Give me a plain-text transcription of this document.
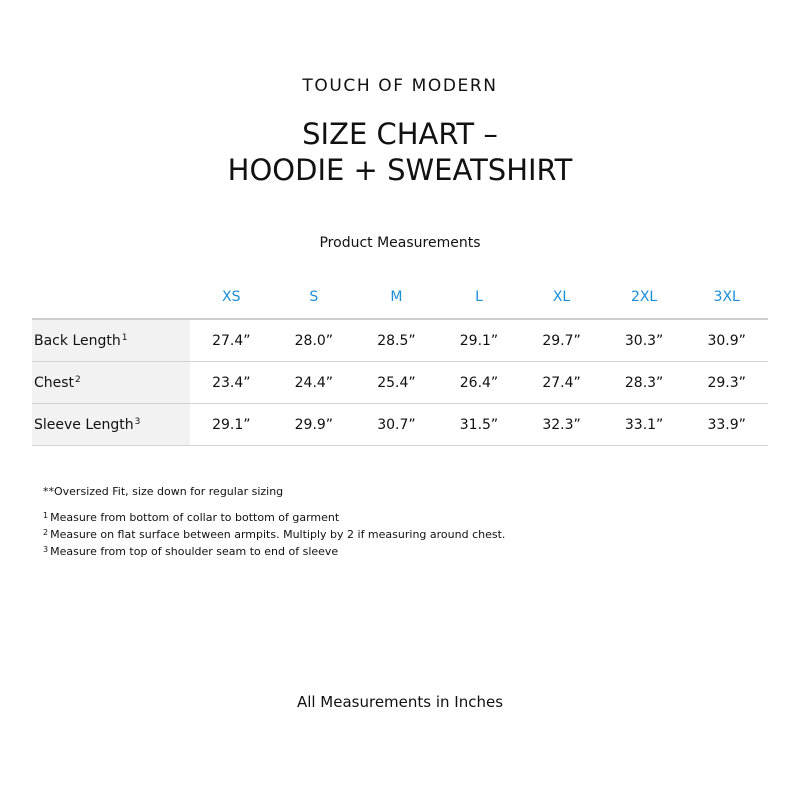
TOUCH OF MODERN
SIZE CHART –
HOODIE + SWEATSHIRT
Product Measurements
	XS	S	M	L	XL	2XL	3XL
Back Length$^1$	27.4”	28.0”	28.5”	29.1”	29.7”	30.3”	30.9”
Chest$^2$	23.4”	24.4”	25.4”	26.4”	27.4”	28.3”	29.3”
Sleeve Length$^3$	29.1”	29.9”	30.7”	31.5”	32.3”	33.1”	33.9”
**Oversized Fit, size down for regular sizing
$^1$ Measure from bottom of collar to bottom of garment
$^2$ Measure on flat surface between armpits. Multiply by 2 if measuring around chest.
$^3$ Measure from top of shoulder seam to end of sleeve
All Measurements in Inches
